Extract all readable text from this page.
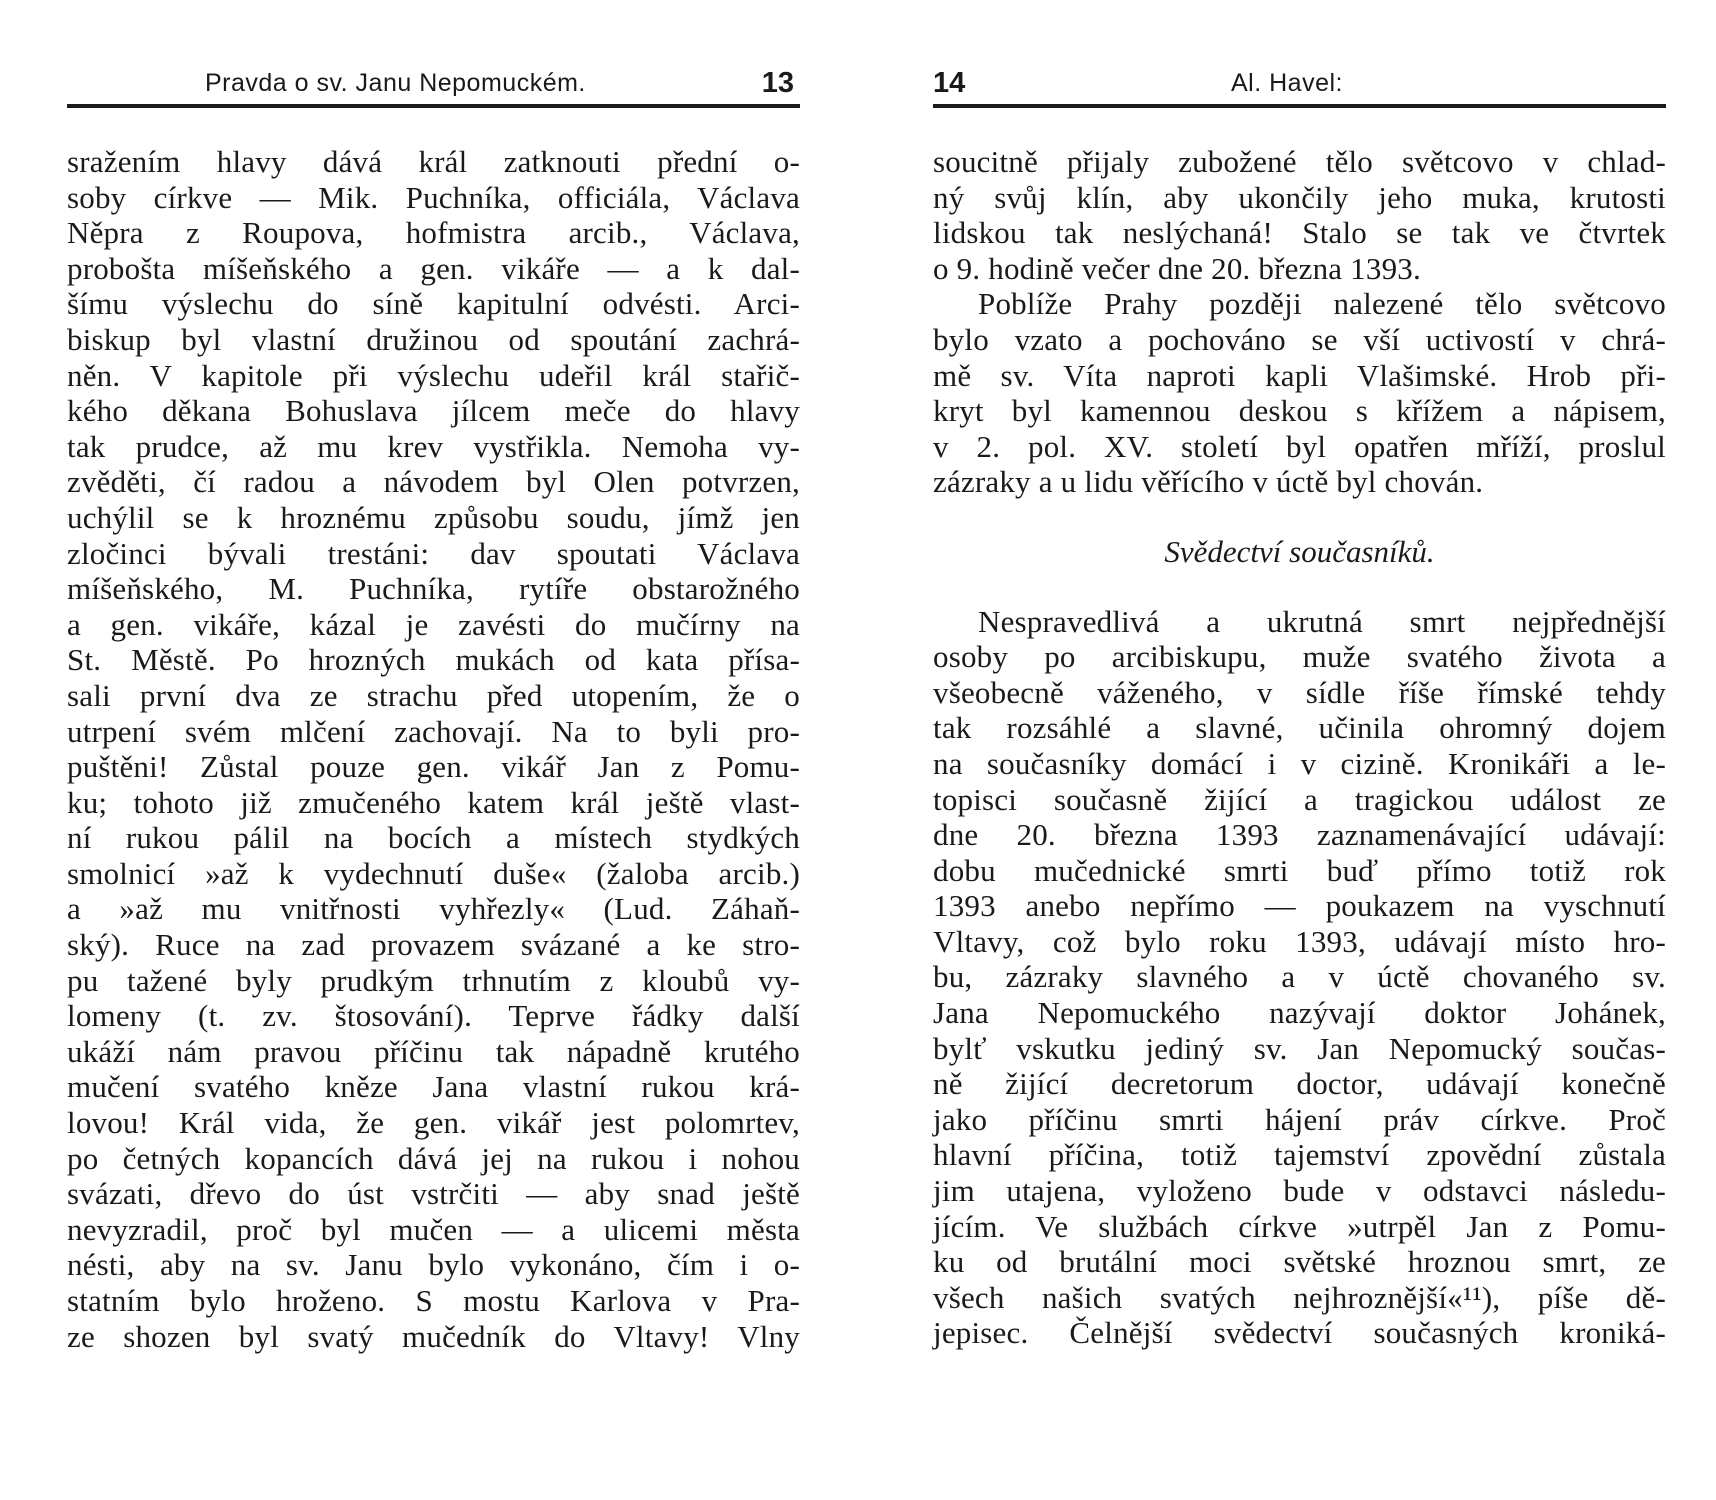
Pravda o sv. Janu Nepomuckém.	13
sražením hlavy dává král zatknouti přední o-
soby církve — Mik. Puchníka, officiála, Václava
Něpra z Roupova, hofmistra arcib., Václava,
probošta míšeňského a gen. vikáře — a k dal-
šímu výslechu do síně kapitulní odvésti. Arci-
biskup byl vlastní družinou od spoutání zachrá-
něn. V kapitole při výslechu udeřil král stařič-
kého děkana Bohuslava jílcem meče do hlavy
tak prudce, až mu krev vystřikla. Nemoha vy-
zvěděti, čí radou a návodem byl Olen potvrzen,
uchýlil se k hroznému způsobu soudu, jímž jen
zločinci bývali trestáni: dav spoutati Václava
míšeňského, M. Puchníka, rytíře obstarožného
a gen. vikáře, kázal je zavésti do mučírny na
St. Městě. Po hrozných mukách od kata přísa-
sali první dva ze strachu před utopením, že o
utrpení svém mlčení zachovají. Na to byli pro-
puštěni! Zůstal pouze gen. vikář Jan z Pomu-
ku; tohoto již zmučeného katem král ještě vlast-
ní rukou pálil na bocích a místech stydkých
smolnicí »až k vydechnutí duše« (žaloba arcib.)
a »až mu vnitřnosti vyhřezly« (Lud. Záhaň-
ský). Ruce na zad provazem svázané a ke stro-
pu tažené byly prudkým trhnutím z kloubů vy-
lomeny (t. zv. štosování). Teprve řádky další
ukáží nám pravou příčinu tak nápadně krutého
mučení svatého kněze Jana vlastní rukou krá-
lovou! Král vida, že gen. vikář jest polomrtev,
po četných kopancích dává jej na rukou i nohou
svázati, dřevo do úst vstrčiti — aby snad ještě
nevyzradil, proč byl mučen — a ulicemi města
nésti, aby na sv. Janu bylo vykonáno, čím i o-
statním bylo hroženo. S mostu Karlova v Pra-
ze shozen byl svatý mučedník do Vltavy! Vlny
14	Al. Havel:
soucitně přijaly zubožené tělo světcovo v chlad-
ný svůj klín, aby ukončily jeho muka, krutosti
lidskou tak neslýchaná! Stalo se tak ve čtvrtek
o 9. hodině večer dne 20. března 1393.
Poblíže Prahy později nalezené tělo světcovo
bylo vzato a pochováno se vší uctivostí v chrá-
mě sv. Víta naproti kapli Vlašimské. Hrob při-
kryt byl kamennou deskou s křížem a nápisem,
v 2. pol. XV. století byl opatřen mříží, proslul
zázraky a u lidu věřícího v úctě byl chován.
Svědectví současníků.
Nespravedlivá a ukrutná smrt nejpřednější
osoby po arcibiskupu, muže svatého života a
všeobecně váženého, v sídle říše římské tehdy
tak rozsáhlé a slavné, učinila ohromný dojem
na současníky domácí i v cizině. Kronikáři a le-
topisci současně žijící a tragickou událost ze
dne 20. března 1393 zaznamenávající udávají:
dobu mučednické smrti buď přímo totiž rok
1393 anebo nepřímo — poukazem na vyschnutí
Vltavy, což bylo roku 1393, udávají místo hro-
bu, zázraky slavného a v úctě chovaného sv.
Jana Nepomuckého nazývají doktor Johánek,
bylť vskutku jediný sv. Jan Nepomucký součas-
ně žijící decretorum doctor, udávají konečně
jako příčinu smrti hájení práv církve. Proč
hlavní příčina, totiž tajemství zpovědní zůstala
jim utajena, vyloženo bude v odstavci následu-
jícím. Ve službách církve »utrpěl Jan z Pomu-
ku od brutální moci světské hroznou smrt, ze
všech našich svatých nejhroznější«¹¹), píše dě-
jepisec. Čelnější svědectví současných kroniká-
